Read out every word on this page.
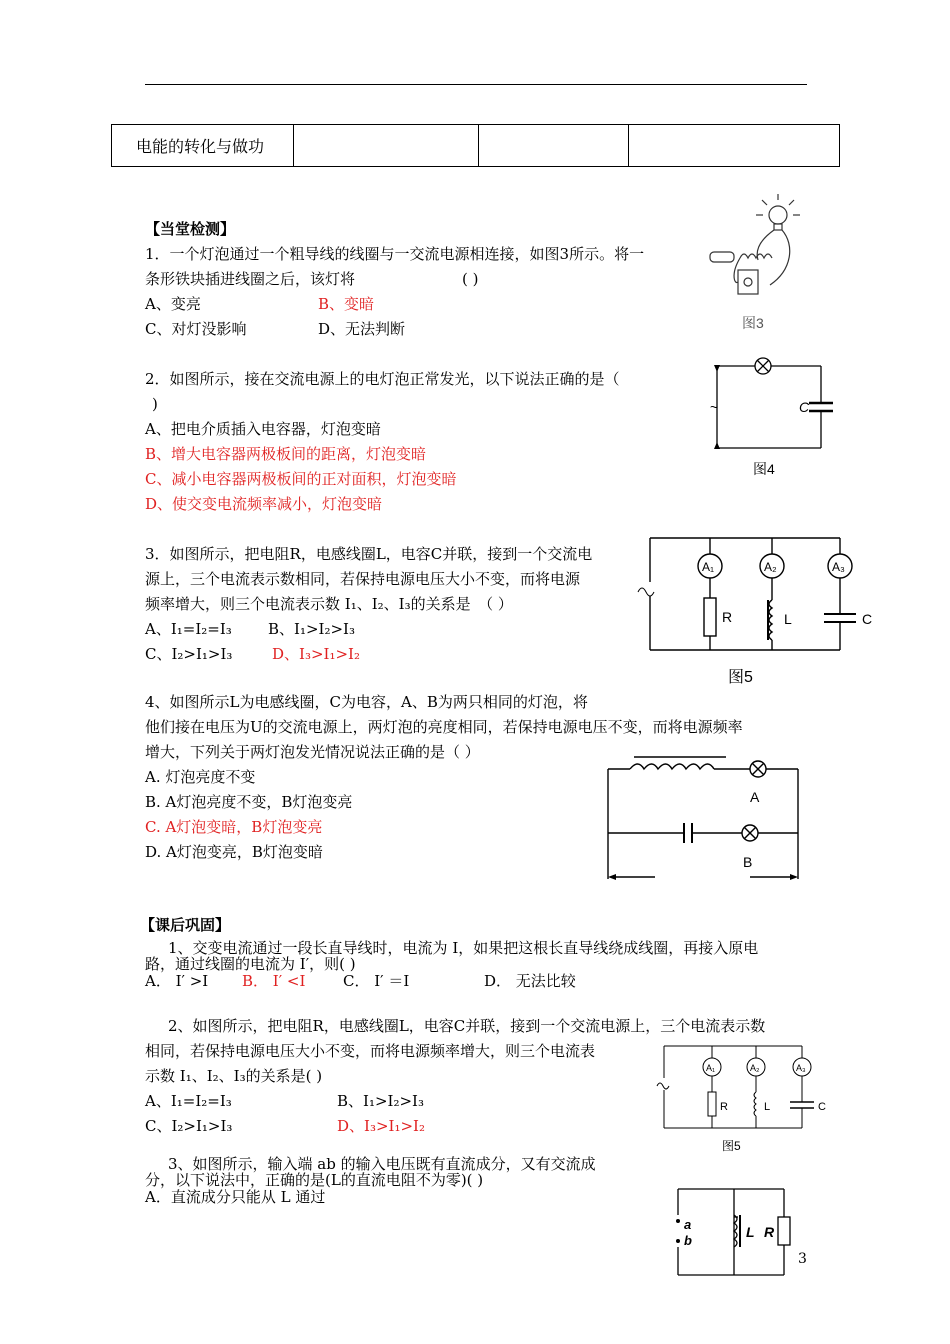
电能的转化与做功			
【当堂检测】
1．一个灯泡通过一个粗导线的线圈与一交流电源相连接，如图3所示。将一
条形铁块插进线圈之后，该灯将	( )
A、变亮	B、变暗
C、对灯没影响	D、无法判断	图3
2．如图所示，接在交流电源上的电灯泡正常发光，以下说法正确的是（
)
A、把电介质插入电容器，灯泡变暗
B、增大电容器两极板间的距离，灯泡变暗
C、减小电容器两极板间的正对面积，灯泡变暗
D、使交变电流频率减小，灯泡变暗
~	C
图4
3．如图所示，把电阻R，电感线圈L，电容C并联，接到一个交流电
源上，三个电流表示数相同，若保持电源电压大小不变，而将电源
频率增大，则三个电流表示数 I₁、I₂、I₃的关系是　（ ）
A、I₁=I₂=I₃ B、I₁>I₂>I₃
C、I₂>I₁>I₃	D、I₃>I₁>I₂
A₁	A₂	A₃
R	L	C
图5
4、如图所示L为电感线圈，C为电容，A、B为两只相同的灯泡，将
他们接在电压为U的交流电源上，两灯泡的亮度相同，若保持电源电压不变，而将电源频率
增大，下列关于两灯泡发光情况说法正确的是（ ）
A. 灯泡亮度不变
B. A灯泡亮度不变，B灯泡变亮
C. A灯泡变暗，B灯泡变亮
D. A灯泡变亮，B灯泡变暗
A
B
【课后巩固】
1、交变电流通过一段长直导线时，电流为 I，如果把这根长直导线绕成线圈，再接入原电
路，通过线圈的电流为 I′，则( )
A． I′ >I B． I′ <I	C． I′ ＝I	D． 无法比较
2、如图所示，把电阻R，电感线圈L，电容C并联，接到一个交流电源上，三个电流表示数
相同，若保持电源电压大小不变，而将电源频率增大，则三个电流表
示数 I₁、I₂、I₃的关系是( )
A、I₁=I₂=I₃	B、I₁>I₂>I₃
C、I₂>I₁>I₃	D、I₃>I₁>I₂
A₁	A₂	A₃
R	L	C
图5
3、如图所示，输入端 ab 的输入电压既有直流成分，又有交流成
分，以下说法中，正确的是(L的直流电阻不为零)( )
A．直流成分只能从 L 通过
a
b
L R
3
